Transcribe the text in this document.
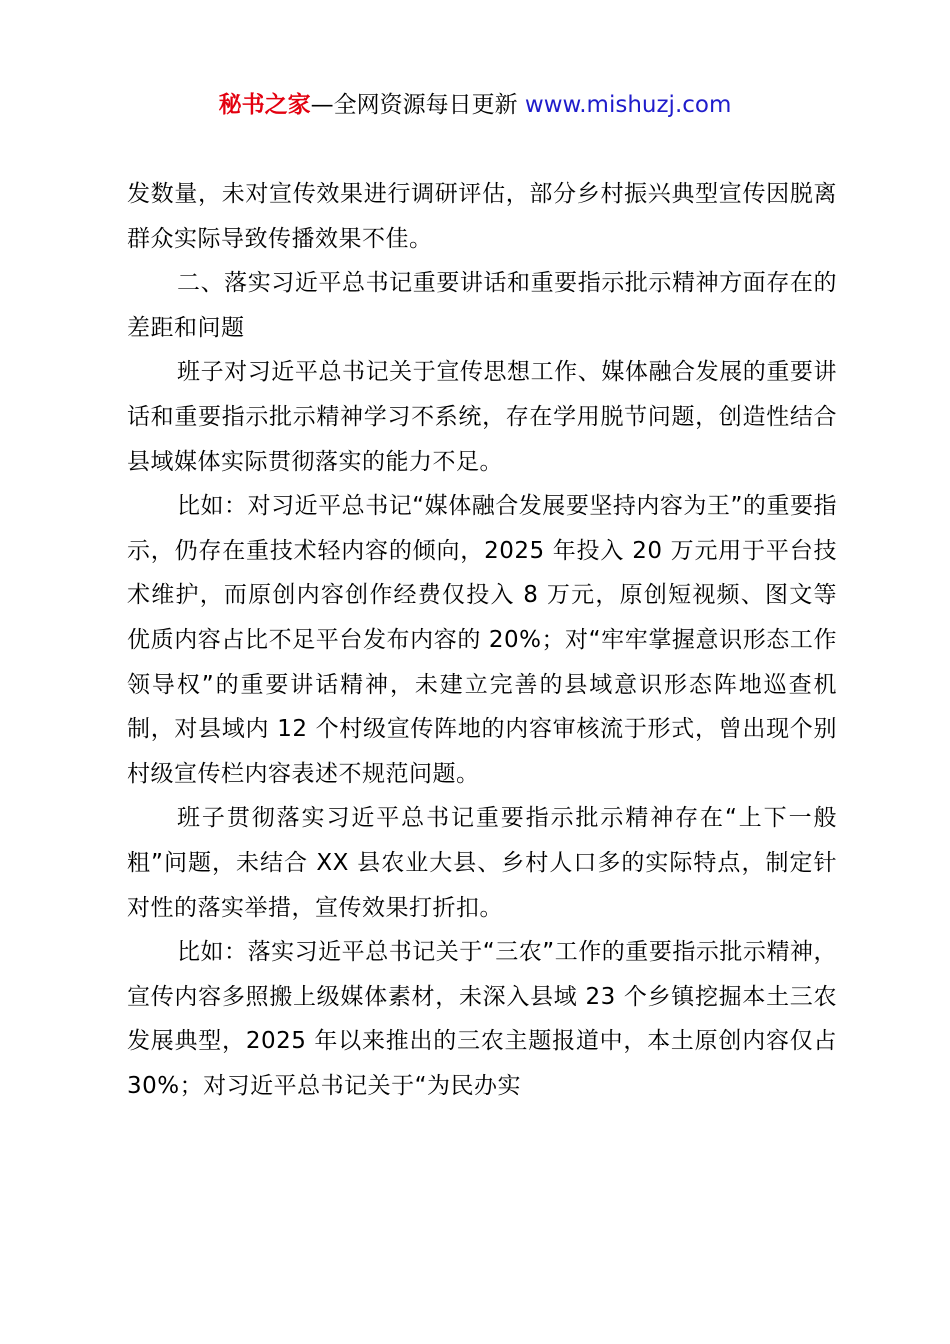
秘书之家—全网资源每日更新 www.mishuzj.com

发数量，未对宣传效果进行调研评估，部分乡村振兴典型宣传因脱离群众实际导致传播效果不佳。

二、落实习近平总书记重要讲话和重要指示批示精神方面存在的差距和问题

班子对习近平总书记关于宣传思想工作、媒体融合发展的重要讲话和重要指示批示精神学习不系统，存在学用脱节问题，创造性结合县域媒体实际贯彻落实的能力不足。

比如：对习近平总书记“媒体融合发展要坚持内容为王”的重要指示，仍存在重技术轻内容的倾向，2025 年投入 20 万元用于平台技术维护，而原创内容创作经费仅投入 8 万元，原创短视频、图文等优质内容占比不足平台发布内容的 20%；对“牢牢掌握意识形态工作领导权”的重要讲话精神，未建立完善的县域意识形态阵地巡查机制，对县域内 12 个村级宣传阵地的内容审核流于形式，曾出现个别村级宣传栏内容表述不规范问题。

班子贯彻落实习近平总书记重要指示批示精神存在“上下一般粗”问题，未结合 XX 县农业大县、乡村人口多的实际特点，制定针对性的落实举措，宣传效果打折扣。

比如：落实习近平总书记关于“三农”工作的重要指示批示精神，宣传内容多照搬上级媒体素材，未深入县域 23 个乡镇挖掘本土三农发展典型，2025 年以来推出的三农主题报道中，本土原创内容仅占 30%；对习近平总书记关于“为民办实
